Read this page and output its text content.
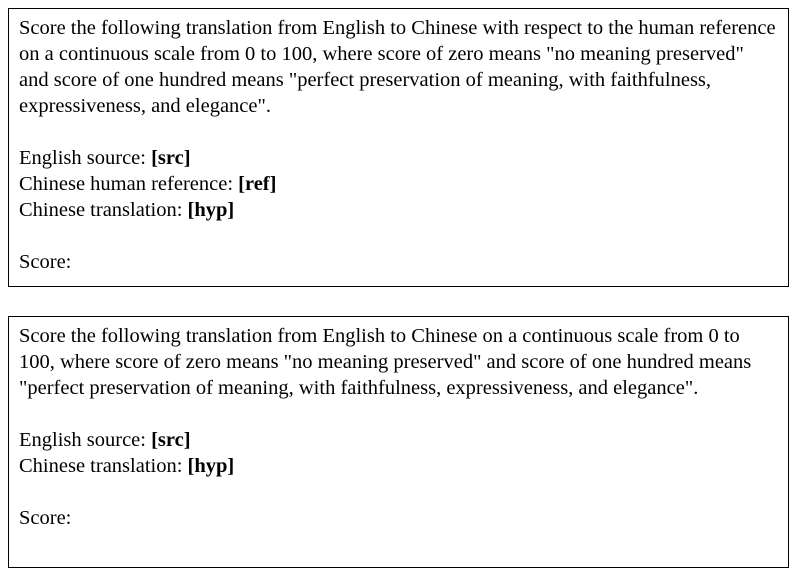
Score the following translation from English to Chinese with respect to the human reference on a continuous scale from 0 to 100, where score of zero means "no meaning preserved" and score of one hundred means "perfect preservation of meaning, with faithfulness, expressiveness, and elegance".

English source: [src]

Chinese human reference: [ref]

Chinese translation: [hyp]

Score:

Score the following translation from English to Chinese on a continuous scale from 0 to 100, where score of zero means "no meaning preserved" and score of one hundred means "perfect preservation of meaning, with faithfulness, expressiveness, and elegance".

English source: [src]

Chinese translation: [hyp]

Score:
